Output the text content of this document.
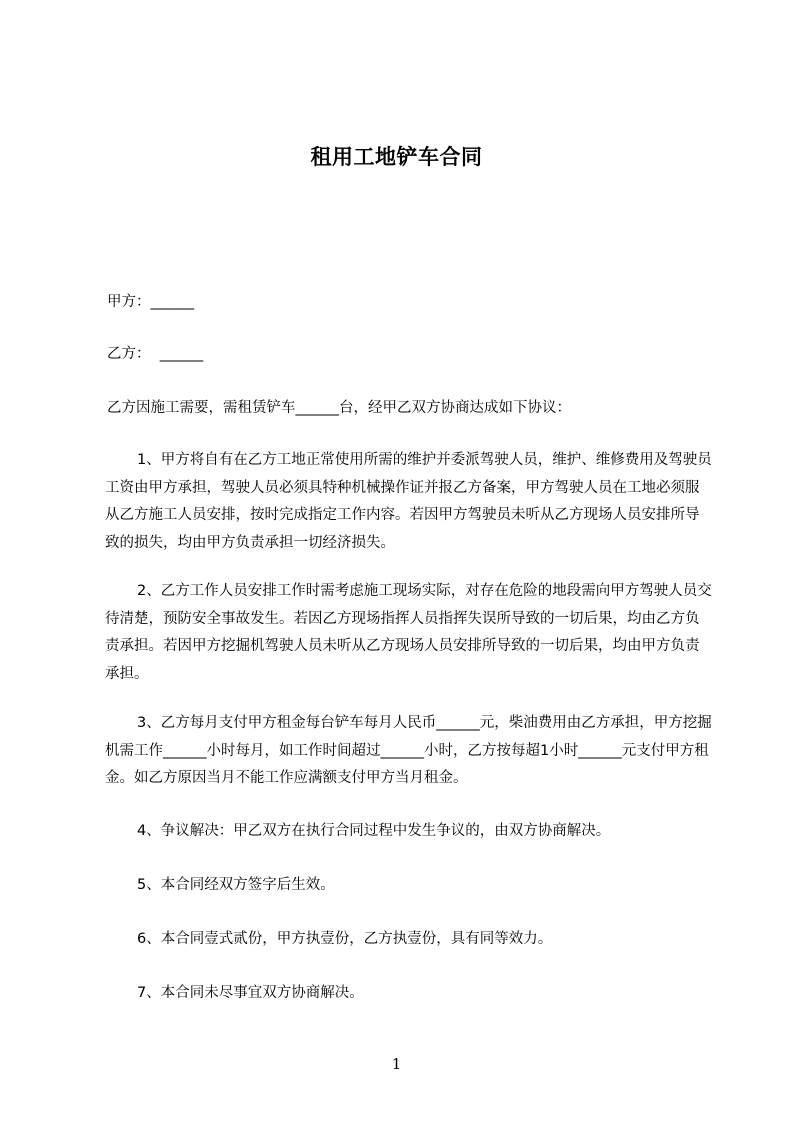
租用工地铲车合同
甲方：______
乙方：  ______
乙方因施工需要，需租赁铲车______台，经甲乙双方协商达成如下协议：
1、甲方将自有在乙方工地正常使用所需的维护并委派驾驶人员，维护、维修费用及驾驶员工资由甲方承担，驾驶人员必须具特种机械操作证并报乙方备案，甲方驾驶人员在工地必须服从乙方施工人员安排，按时完成指定工作内容。若因甲方驾驶员未听从乙方现场人员安排所导致的损失，均由甲方负责承担一切经济损失。
2、乙方工作人员安排工作时需考虑施工现场实际，对存在危险的地段需向甲方驾驶人员交待清楚，预防安全事故发生。若因乙方现场指挥人员指挥失误所导致的一切后果，均由乙方负责承担。若因甲方挖掘机驾驶人员未听从乙方现场人员安排所导致的一切后果，均由甲方负责承担。
3、乙方每月支付甲方租金每台铲车每月人民币______元，柴油费用由乙方承担，甲方挖掘机需工作______小时每月，如工作时间超过______小时，乙方按每超1小时______元支付甲方租金。如乙方原因当月不能工作应满额支付甲方当月租金。
4、争议解决：甲乙双方在执行合同过程中发生争议的，由双方协商解决。
5、本合同经双方签字后生效。
6、本合同壹式贰份，甲方执壹份，乙方执壹份，具有同等效力。
7、本合同未尽事宜双方协商解决。
1
